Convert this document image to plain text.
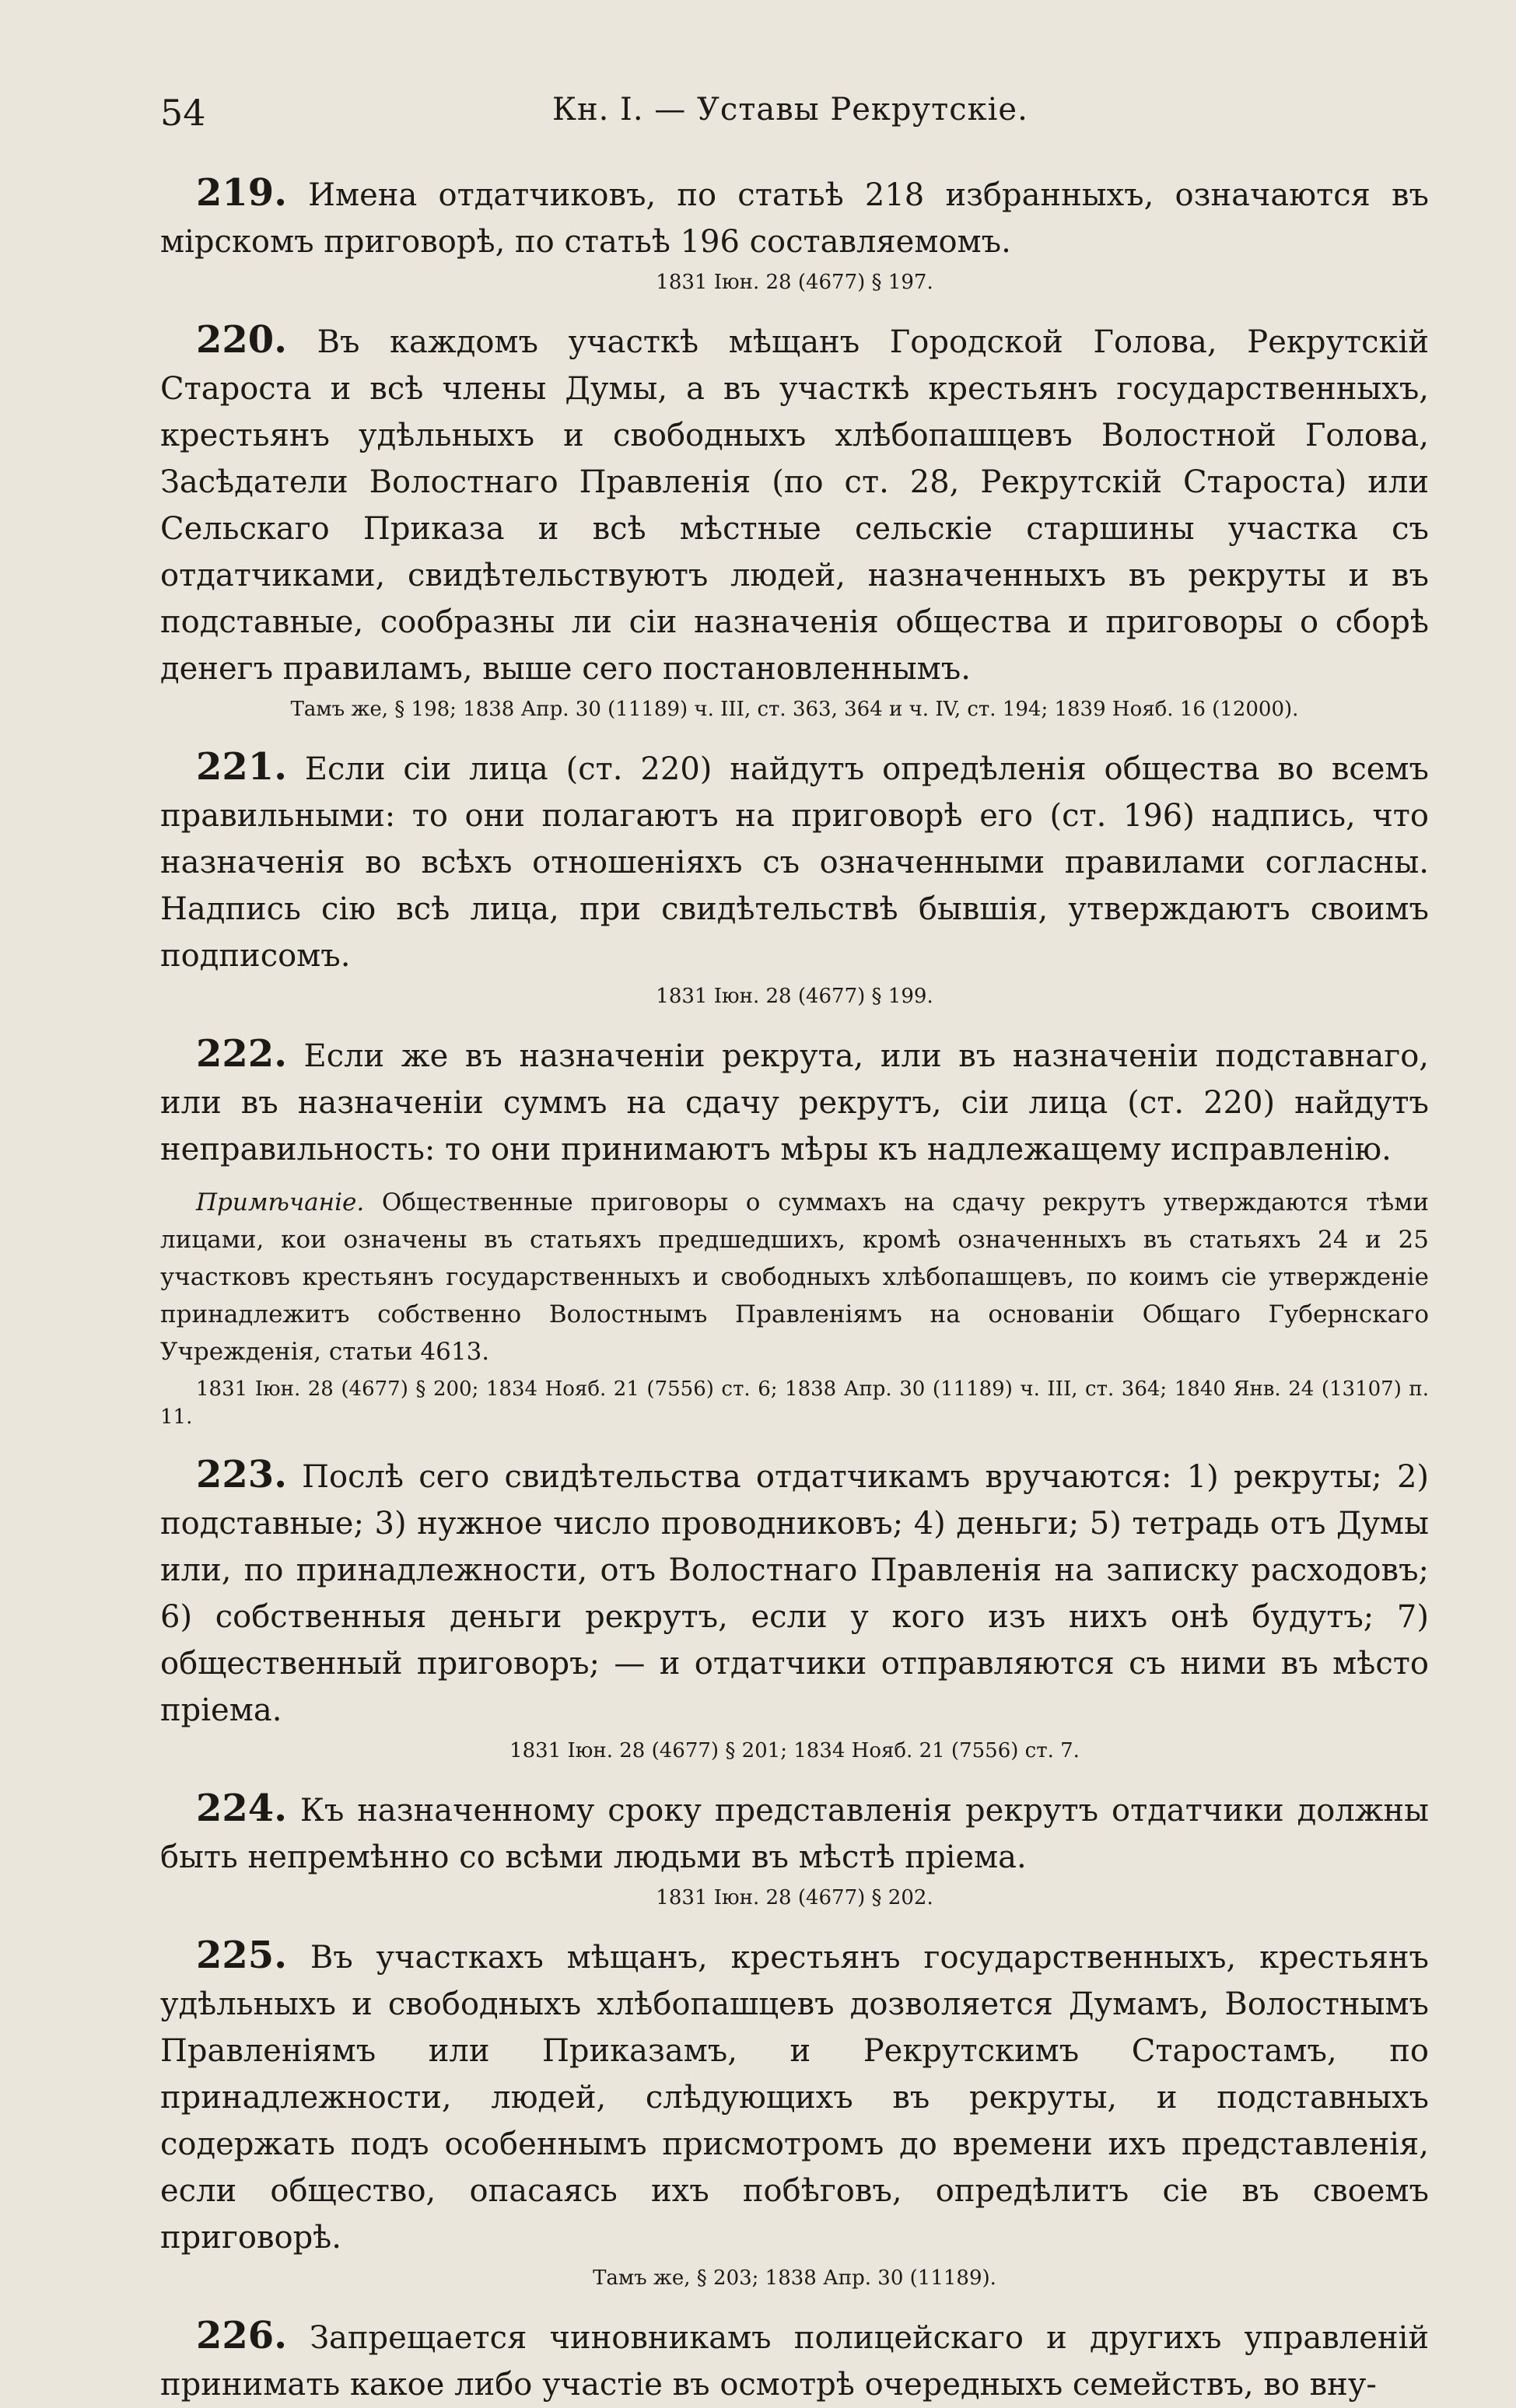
54	Кн. I. — Уставы Рекрутскіе.

219. Имена отдатчиковъ, по статьѣ 218 избранныхъ, означаются въ мірскомъ приговорѣ, по статьѣ 196 составляемомъ.

1831 Іюн. 28 (4677) § 197.

220. Въ каждомъ участкѣ мѣщанъ Городской Голова, Рекрутскій Староста и всѣ члены Думы, а въ участкѣ крестьянъ государственныхъ, крестьянъ удѣльныхъ и свободныхъ хлѣбопашцевъ Волостной Голова, Засѣдатели Волостнаго Правленія (по ст. 28, Рекрутскій Староста) или Сельскаго Приказа и всѣ мѣстные сельскіе старшины участка съ отдатчиками, свидѣтельствуютъ людей, назначенныхъ въ рекруты и въ подставные, сообразны ли сіи назначенія общества и приговоры о сборѣ денегъ правиламъ, выше сего постановленнымъ.

Тамъ же, § 198; 1838 Апр. 30 (11189) ч. III, ст. 363, 364 и ч. IV, ст. 194; 1839 Нояб. 16 (12000).

221. Если сіи лица (ст. 220) найдутъ опредѣленія общества во всемъ правильными: то они полагаютъ на приговорѣ его (ст. 196) надпись, что назначенія во всѣхъ отношеніяхъ съ означенными правилами согласны. Надпись сію всѣ лица, при свидѣтельствѣ бывшія, утверждаютъ своимъ подписомъ.

1831 Іюн. 28 (4677) § 199.

222. Если же въ назначеніи рекрута, или въ назначеніи подставнаго, или въ назначеніи суммъ на сдачу рекрутъ, сіи лица (ст. 220) найдутъ неправильность: то они принимаютъ мѣры къ надлежащему исправленію.

Примѣчаніе. Общественные приговоры о суммахъ на сдачу рекрутъ утверждаются тѣми лицами, кои означены въ статьяхъ предшедшихъ, кромѣ означенныхъ въ статьяхъ 24 и 25 участковъ крестьянъ государственныхъ и свободныхъ хлѣбопашцевъ, по коимъ сіе утвержденіе принадлежитъ собственно Волостнымъ Правленіямъ на основаніи Общаго Губернскаго Учрежденія, статьи 4613.

1831 Іюн. 28 (4677) § 200; 1834 Нояб. 21 (7556) ст. 6; 1838 Апр. 30 (11189) ч. III, ст. 364; 1840 Янв. 24 (13107) п. 11.

223. Послѣ сего свидѣтельства отдатчикамъ вручаются: 1) рекруты; 2) подставные; 3) нужное число проводниковъ; 4) деньги; 5) тетрадь отъ Думы или, по принадлежности, отъ Волостнаго Правленія на записку расходовъ; 6) собственныя деньги рекрутъ, если у кого изъ нихъ онѣ будутъ; 7) общественный приговоръ; — и отдатчики отправляются съ ними въ мѣсто пріема.

1831 Іюн. 28 (4677) § 201; 1834 Нояб. 21 (7556) ст. 7.

224. Къ назначенному сроку представленія рекрутъ отдатчики должны быть непремѣнно со всѣми людьми въ мѣстѣ пріема.

1831 Іюн. 28 (4677) § 202.

225. Въ участкахъ мѣщанъ, крестьянъ государственныхъ, крестьянъ удѣльныхъ и свободныхъ хлѣбопашцевъ дозволяется Думамъ, Волостнымъ Правленіямъ или Приказамъ, и Рекрутскимъ Старостамъ, по принадлежности, людей, слѣдующихъ въ рекруты, и подставныхъ содержать подъ особеннымъ присмотромъ до времени ихъ представленія, если общество, опасаясь ихъ побѣговъ, опредѣлитъ сіе въ своемъ приговорѣ.

Тамъ же, § 203; 1838 Апр. 30 (11189).

226. Запрещается чиновникамъ полицейскаго и другихъ управленій принимать какое либо участіе въ осмотрѣ очередныхъ семействъ, во вну-
